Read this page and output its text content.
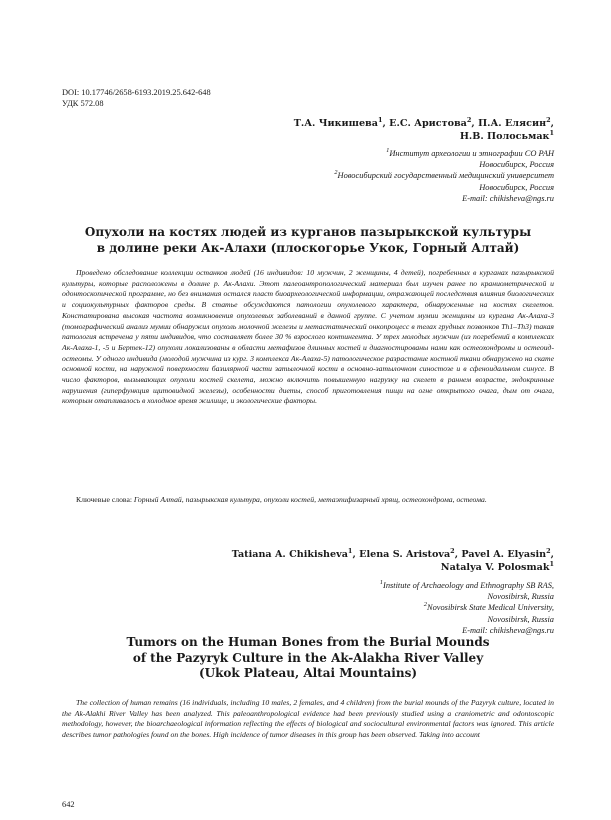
DOI: 10.17746/2658-6193.2019.25.642-648
УДК 572.08
Т.А. Чикишева$^1$, Е.С. Аристова$^2$, П.А. Елясин$^2$,
Н.В. Полосьмак$^1$
$^1$Институт археологии и этнографии СО РАН
Новосибирск, Россия
$^2$Новосибирский государственный медицинский университет
Новосибирск, Россия
E-mail: chikisheva@ngs.ru
Опухоли на костях людей из курганов пазырыкской культуры
в долине реки Ак-Алахи (плоскогорье Укок, Горный Алтай)

Проведено обследование коллекции останков людей (16 индивидов: 10 мужчин, 2 женщины, 4 детей), погребенных в курганах пазырыкской культуры, которые расположены в долине р. Ак-Алахи. Этот палеоантропологический материал был изучен ранее по краниометрической и одонтоскопической программе, но без внимания остался пласт биоархеологической информации, отражающей последствия влияния биологических и социокультурных факторов среды. В статье обсуждаются патологии опухолевого характера, обнаруженные на костях скелетов. Констатирована высокая частота возникновения опухолевых заболеваний в данной группе. С учетом мумии женщины из кургана Ак-Алаха-3 (томографический анализ мумии обнаружил опухоль молочной железы и метастатический онкопроцесс в телах грудных позвонков Th1–Th3) такая патология встречена у пяти индивидов, что составляет более 30 % взрослого контингента. У трех молодых мужчин (из погребений в комплексах Ак-Алаха-1, -5 и Бертек-12) опухоли локализованы в области метафизов длинных костей и диагностированы нами как остеохондромы и остеоид-остеомы. У одного индивида (молодой мужчина из кург. 3 комплекса Ак-Алаха-5) патологическое разрастание костной ткани обнаружено на скате основной кости, на наружной поверхности базилярной части затылочной кости в основно-затылочном синостозе и в сфеноидальном синусе. В число факторов, вызывающих опухоли костей скелета, можно включить повышенную нагрузку на скелет в раннем возрасте, эндокринные нарушения (гиперфункция щитовидной железы), особенности диеты, способ приготовления пищи на огне открытого очага, дым от очага, которым отапливалось в холодное время жилище, и экологические факторы.

Ключевые слова: Горный Алтай, пазырыкская культура, опухоли костей, метаэпифизарный хрящ, остеохондрома, остеома.

Tatiana A. Chikisheva$^1$, Elena S. Aristova$^2$, Pavel A. Elyasin$^2$,
Natalya V. Polosmak$^1$
$^1$Institute of Archaeology and Ethnography SB RAS,
Novosibirsk, Russia
$^2$Novosibirsk State Medical University,
Novosibirsk, Russia
E-mail: chikisheva@ngs.ru
Tumors on the Human Bones from the Burial Mounds
of the Pazyryk Culture in the Ak-Alakha River Valley
(Ukok Plateau, Altai Mountains)

The collection of human remains (16 individuals, including 10 males, 2 females, and 4 children) from the burial mounds of the Pazyryk culture, located in the Ak-Alakhi River Valley has been analyzed. This paleoanthropological evidence had been previously studied using a craniometric and odontoscopic methodology, however, the bioarchaeological information reflecting the effects of biological and sociocultural environmental factors was ignored. This article describes tumor pathologies found on the bones. High incidence of tumor diseases in this group has been observed. Taking into account

642
